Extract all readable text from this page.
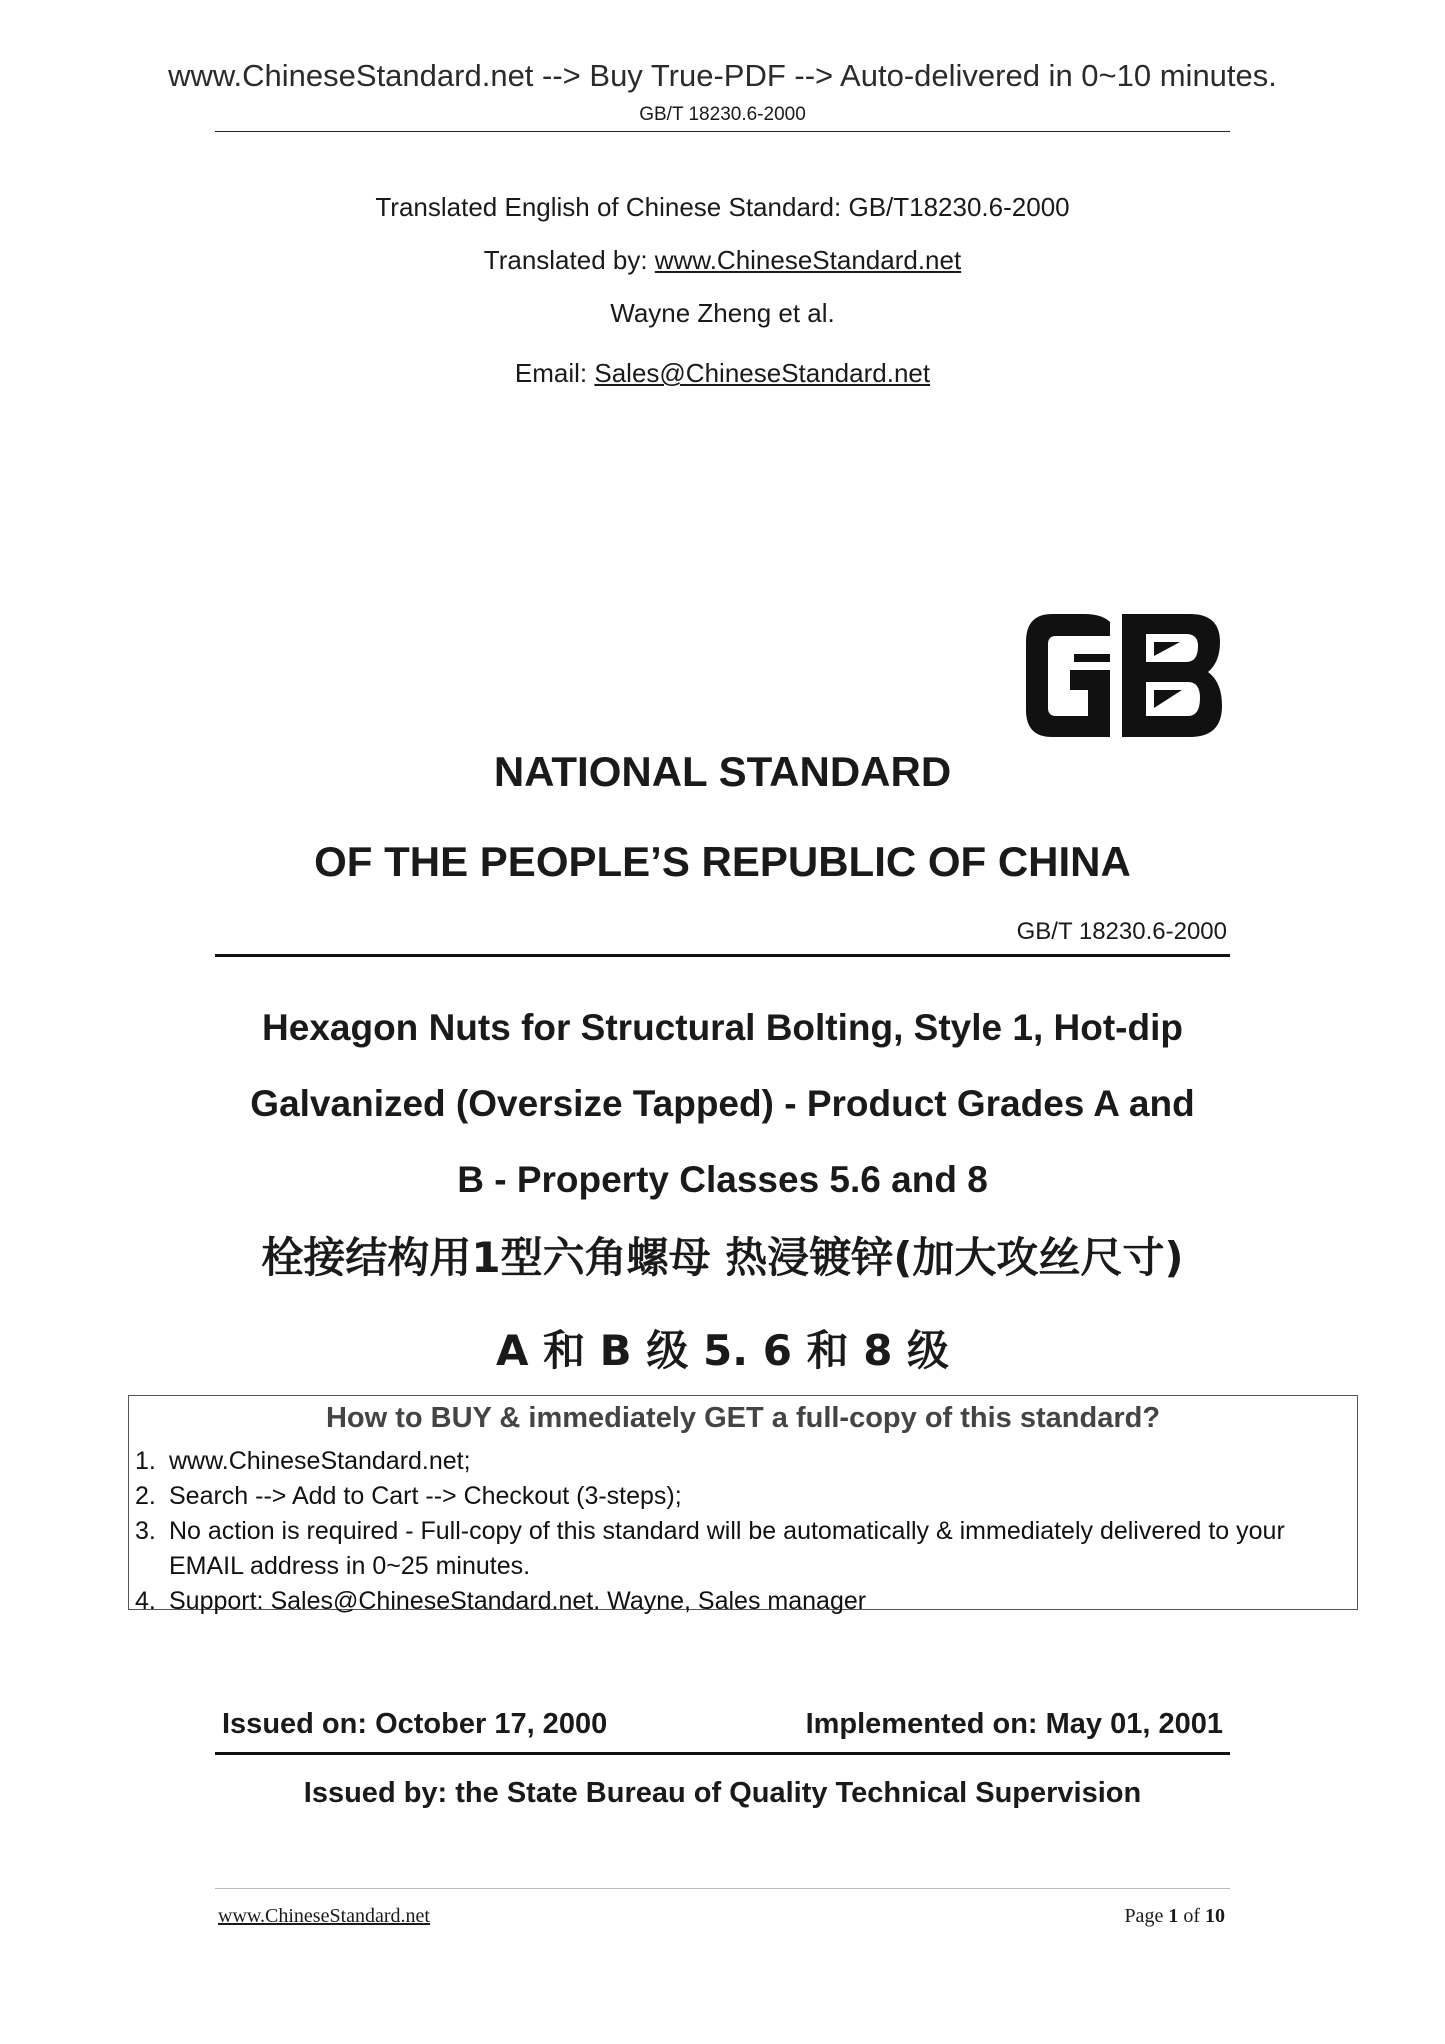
www.ChineseStandard.net --> Buy True-PDF --> Auto-delivered in 0~10 minutes.
GB/T 18230.6-2000
Translated English of Chinese Standard: GB/T18230.6-2000
Translated by: www.ChineseStandard.net
Wayne Zheng et al.
Email: Sales@ChineseStandard.net
NATIONAL STANDARD
OF THE PEOPLE’S REPUBLIC OF CHINA
GB/T 18230.6-2000
Hexagon Nuts for Structural Bolting, Style 1, Hot-dip
Galvanized (Oversize Tapped) - Product Grades A and
B - Property Classes 5.6 and 8
栓接结构用1型六角螺母 热浸镀锌(加大攻丝尺寸)
A 和 B 级 5. 6 和 8 级
How to BUY & immediately GET a full-copy of this standard?
1. www.ChineseStandard.net;
2. Search --> Add to Cart --> Checkout (3-steps);
3. No action is required - Full-copy of this standard will be automatically & immediately delivered to your EMAIL address in 0~25 minutes.
4. Support: Sales@ChineseStandard.net. Wayne, Sales manager
Issued on: October 17, 2000	Implemented on: May 01, 2001
Issued by: the State Bureau of Quality Technical Supervision
www.ChineseStandard.net	Page 1 of 10
